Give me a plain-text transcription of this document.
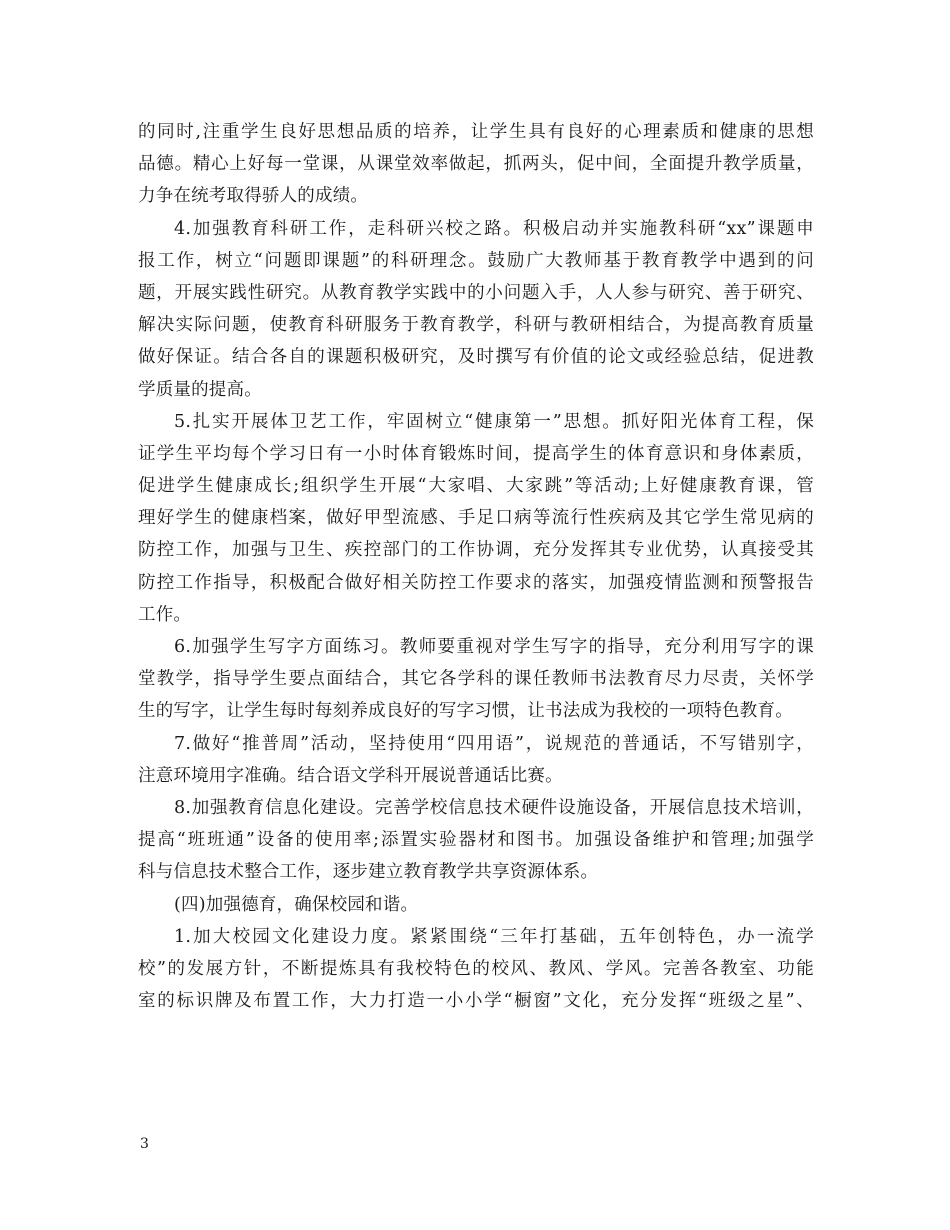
的同时,注重学生良好思想品质的培养，让学生具有良好的心理素质和健康的思想
品德。精心上好每一堂课，从课堂效率做起，抓两头，促中间，全面提升教学质量，
力争在统考取得骄人的成绩。
4.加强教育科研工作，走科研兴校之路。积极启动并实施教科研“xx”课题申
报工作，树立“问题即课题”的科研理念。鼓励广大教师基于教育教学中遇到的问
题，开展实践性研究。从教育教学实践中的小问题入手，人人参与研究、善于研究、
解决实际问题，使教育科研服务于教育教学，科研与教研相结合，为提高教育质量
做好保证。结合各自的课题积极研究，及时撰写有价值的论文或经验总结，促进教
学质量的提高。
5.扎实开展体卫艺工作，牢固树立“健康第一”思想。抓好阳光体育工程，保
证学生平均每个学习日有一小时体育锻炼时间，提高学生的体育意识和身体素质，
促进学生健康成长;组织学生开展“大家唱、大家跳”等活动;上好健康教育课，管
理好学生的健康档案，做好甲型流感、手足口病等流行性疾病及其它学生常见病的
防控工作，加强与卫生、疾控部门的工作协调，充分发挥其专业优势，认真接受其
防控工作指导，积极配合做好相关防控工作要求的落实，加强疫情监测和预警报告
工作。
6.加强学生写字方面练习。教师要重视对学生写字的指导，充分利用写字的课
堂教学，指导学生要点面结合，其它各学科的课任教师书法教育尽力尽责，关怀学
生的写字，让学生每时每刻养成良好的写字习惯，让书法成为我校的一项特色教育。
7.做好“推普周”活动，坚持使用“四用语”，说规范的普通话，不写错别字，
注意环境用字准确。结合语文学科开展说普通话比赛。
8.加强教育信息化建设。完善学校信息技术硬件设施设备，开展信息技术培训，
提高“班班通”设备的使用率;添置实验器材和图书。加强设备维护和管理;加强学
科与信息技术整合工作，逐步建立教育教学共享资源体系。
(四)加强德育，确保校园和谐。
1.加大校园文化建设力度。紧紧围绕“三年打基础，五年创特色，办一流学
校”的发展方针，不断提炼具有我校特色的校风、教风、学风。完善各教室、功能
室的标识牌及布置工作，大力打造一小小学“橱窗”文化，充分发挥“班级之星”、
3
